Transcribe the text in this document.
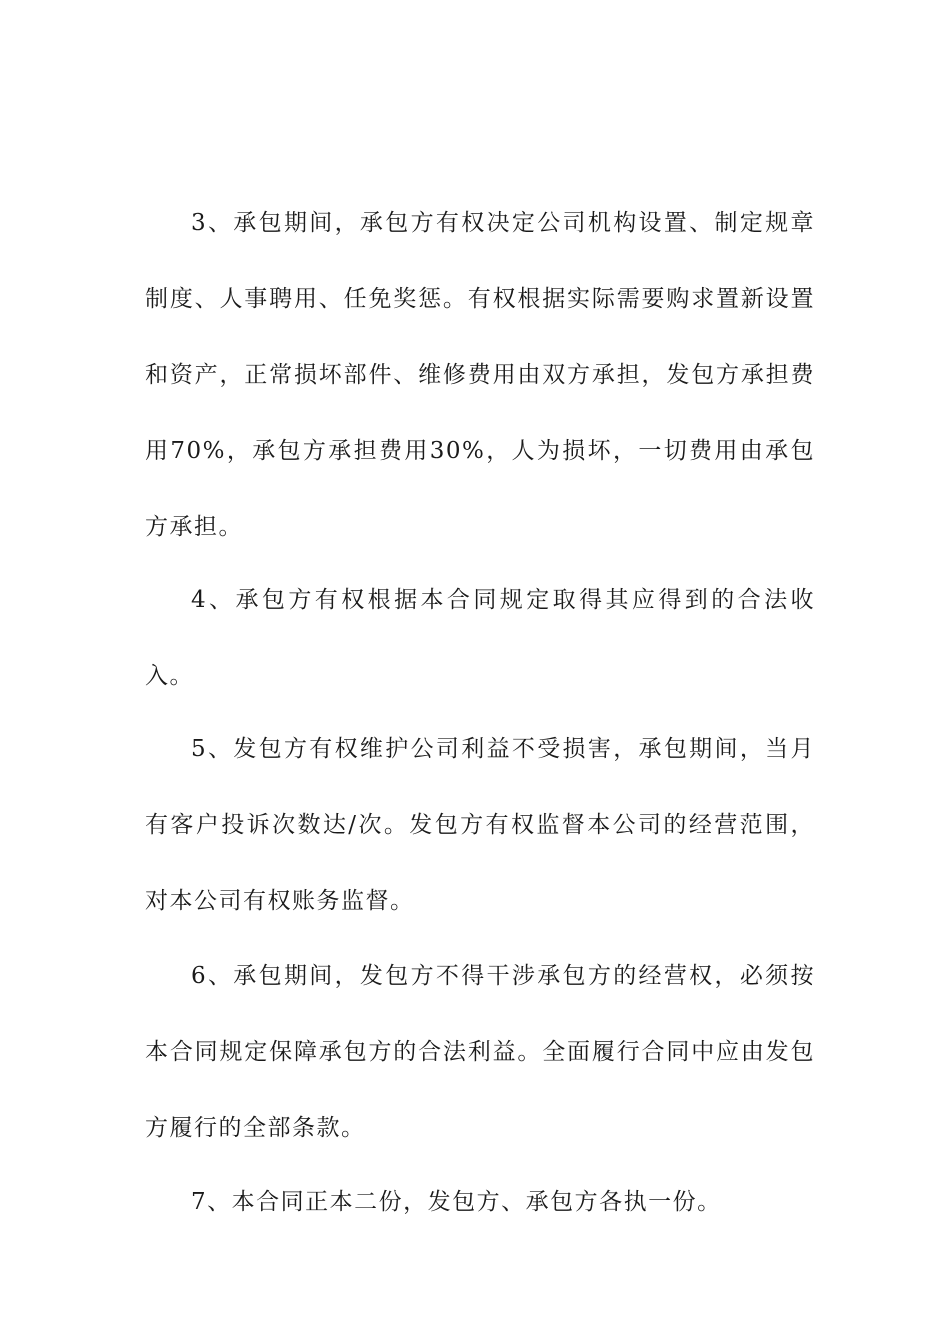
3、承包期间，承包方有权决定公司机构设置、制定规章制度、人事聘用、任免奖惩。有权根据实际需要购求置新设置和资产，正常损坏部件、维修费用由双方承担，发包方承担费用70%，承包方承担费用30%，人为损坏，一切费用由承包方承担。

4、承包方有权根据本合同规定取得其应得到的合法收入。

5、发包方有权维护公司利益不受损害，承包期间，当月有客户投诉次数达/次。发包方有权监督本公司的经营范围，对本公司有权账务监督。

6、承包期间，发包方不得干涉承包方的经营权，必须按本合同规定保障承包方的合法利益。全面履行合同中应由发包方履行的全部条款。

7、本合同正本二份，发包方、承包方各执一份。
